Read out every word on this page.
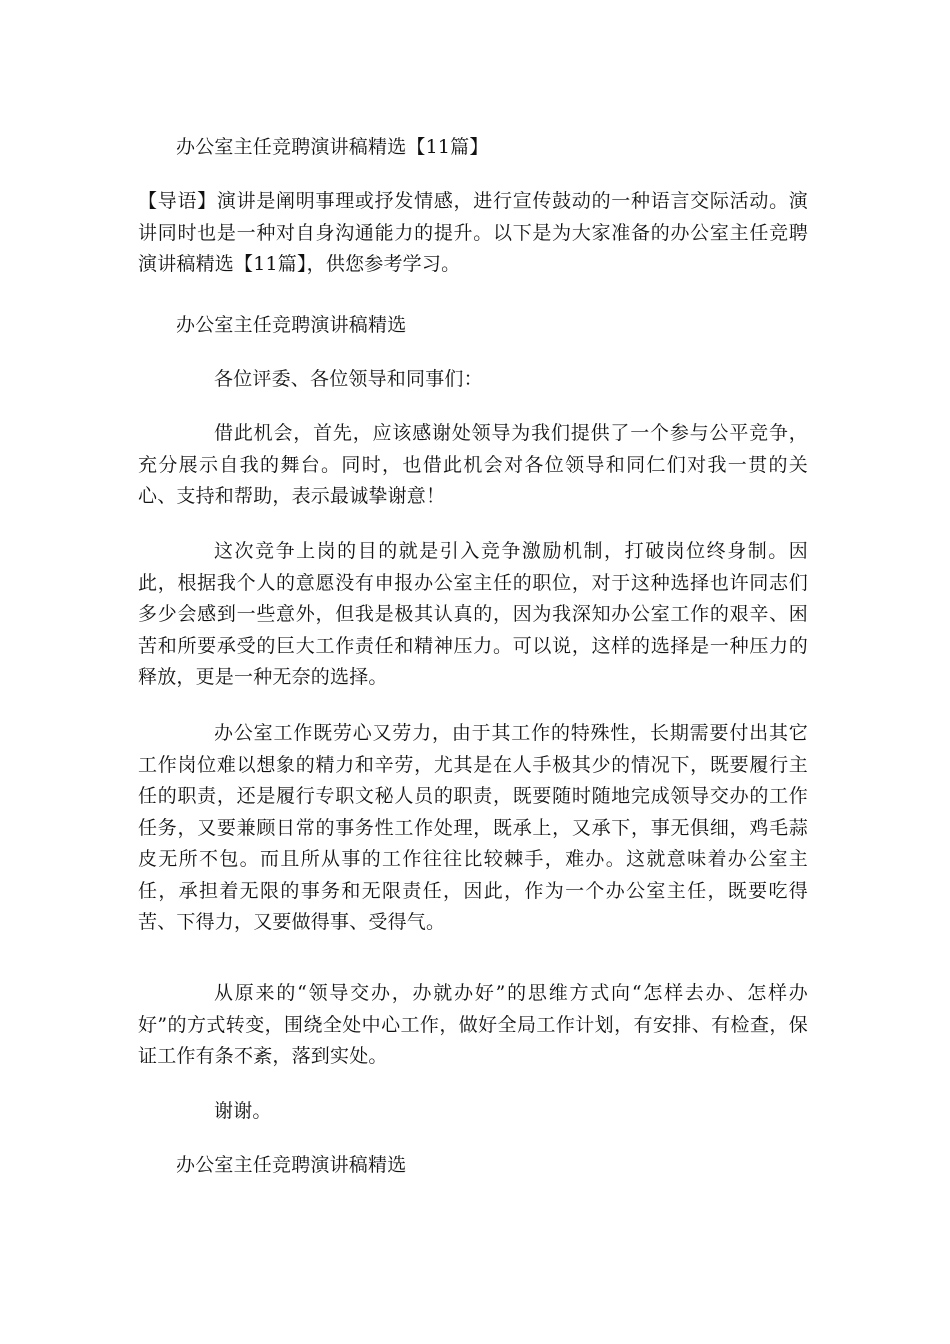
办公室主任竞聘演讲稿精选【11篇】

【导语】演讲是阐明事理或抒发情感，进行宣传鼓动的一种语言交际活动。演讲同时也是一种对自身沟通能力的提升。以下是为大家准备的办公室主任竞聘演讲稿精选【11篇】，供您参考学习。

办公室主任竞聘演讲稿精选

各位评委、各位领导和同事们：

借此机会，首先，应该感谢处领导为我们提供了一个参与公平竞争，充分展示自我的舞台。同时，也借此机会对各位领导和同仁们对我一贯的关心、支持和帮助，表示最诚挚谢意！

这次竞争上岗的目的就是引入竞争激励机制，打破岗位终身制。因此，根据我个人的意愿没有申报办公室主任的职位，对于这种选择也许同志们多少会感到一些意外，但我是极其认真的，因为我深知办公室工作的艰辛、困苦和所要承受的巨大工作责任和精神压力。可以说，这样的选择是一种压力的释放，更是一种无奈的选择。

办公室工作既劳心又劳力，由于其工作的特殊性，长期需要付出其它工作岗位难以想象的精力和辛劳，尤其是在人手极其少的情况下，既要履行主任的职责，还是履行专职文秘人员的职责，既要随时随地完成领导交办的工作任务，又要兼顾日常的事务性工作处理，既承上，又承下，事无俱细，鸡毛蒜皮无所不包。而且所从事的工作往往比较棘手，难办。这就意味着办公室主任，承担着无限的事务和无限责任，因此，作为一个办公室主任，既要吃得苦、下得力，又要做得事、受得气。

从原来的“领导交办，办就办好”的思维方式向“怎样去办、怎样办好”的方式转变，围绕全处中心工作，做好全局工作计划，有安排、有检查，保证工作有条不紊，落到实处。

谢谢。

办公室主任竞聘演讲稿精选
